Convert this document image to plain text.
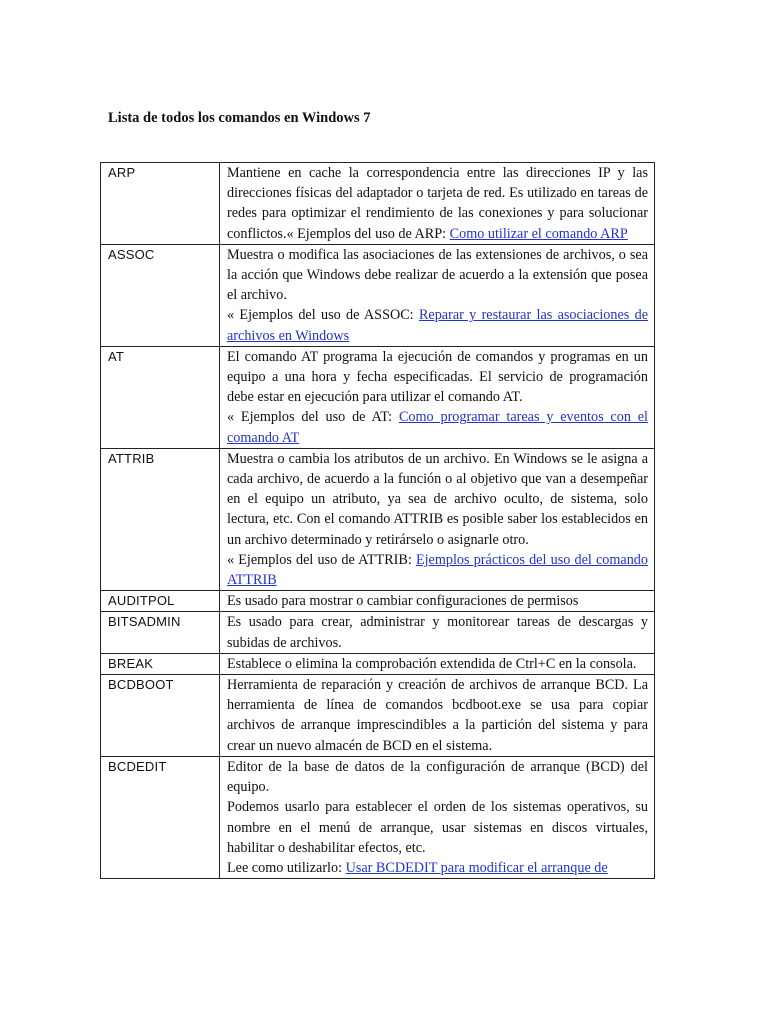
Lista de todos los comandos en Windows 7
ARP	Mantiene en cache la correspondencia entre las direcciones IP y las direcciones físicas del adaptador o tarjeta de red. Es utilizado en tareas de redes para optimizar el rendimiento de las conexiones y para solucionar conflictos.« Ejemplos del uso de ARP: Como utilizar el comando ARP
ASSOC	Muestra o modifica las asociaciones de las extensiones de archivos, o sea la acción que Windows debe realizar de acuerdo a la extensión que posea el archivo.
« Ejemplos del uso de ASSOC: Reparar y restaurar las asociaciones de archivos en Windows
AT	El comando AT programa la ejecución de comandos y programas en un equipo a una hora y fecha especificadas. El servicio de programación debe estar en ejecución para utilizar el comando AT.
« Ejemplos del uso de AT: Como programar tareas y eventos con el comando AT
ATTRIB	Muestra o cambia los atributos de un archivo. En Windows se le asigna a cada archivo, de acuerdo a la función o al objetivo que van a desempeñar en el equipo un atributo, ya sea de archivo oculto, de sistema, solo lectura, etc. Con el comando ATTRIB es posible saber los establecidos en un archivo determinado y retirárselo o asignarle otro.
« Ejemplos del uso de ATTRIB: Ejemplos prácticos del uso del comando ATTRIB
AUDITPOL	Es usado para mostrar o cambiar configuraciones de permisos
BITSADMIN	Es usado para crear, administrar y monitorear tareas de descargas y subidas de archivos.
BREAK	Establece o elimina la comprobación extendida de Ctrl+C en la consola.
BCDBOOT	Herramienta de reparación y creación de archivos de arranque BCD. La herramienta de línea de comandos bcdboot.exe se usa para copiar archivos de arranque imprescindibles a la partición del sistema y para crear un nuevo almacén de BCD en el sistema.
BCDEDIT	Editor de la base de datos de la configuración de arranque (BCD) del equipo.
Podemos usarlo para establecer el orden de los sistemas operativos, su nombre en el menú de arranque, usar sistemas en discos virtuales, habilitar o deshabilitar efectos, etc.
Lee como utilizarlo: Usar BCDEDIT para modificar el arranque de
